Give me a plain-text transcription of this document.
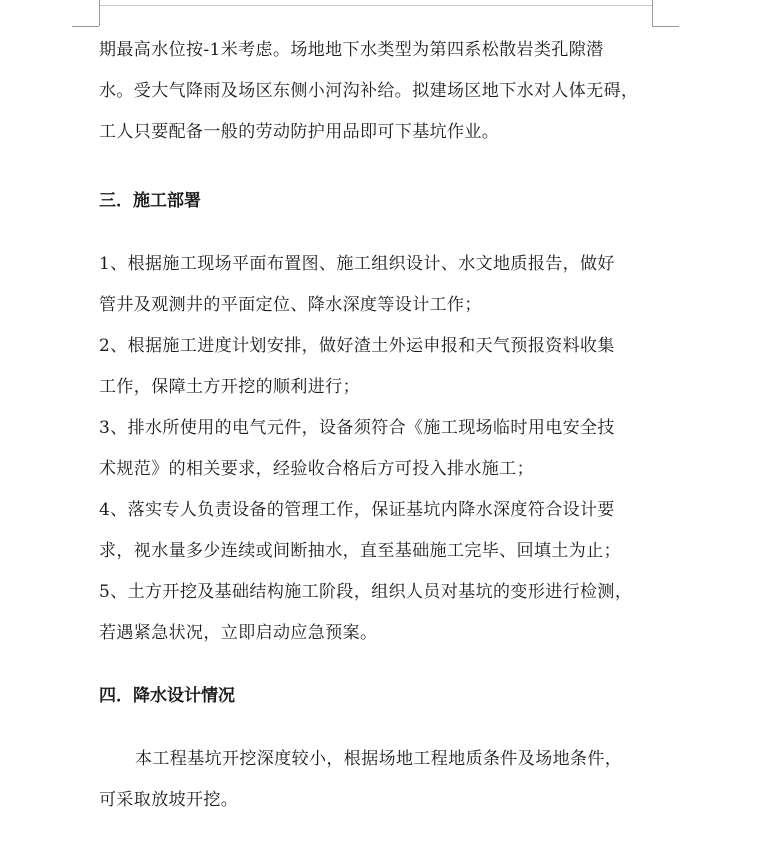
期最高水位按-1米考虑。场地地下水类型为第四系松散岩类孔隙潜
水。受大气降雨及场区东侧小河沟补给。拟建场区地下水对人体无碍，
工人只要配备一般的劳动防护用品即可下基坑作业。
三．施工部署
1、根据施工现场平面布置图、施工组织设计、水文地质报告，做好
管井及观测井的平面定位、降水深度等设计工作；
2、根据施工进度计划安排，做好渣土外运申报和天气预报资料收集
工作，保障土方开挖的顺利进行；
3、排水所使用的电气元件，设备须符合《施工现场临时用电安全技
术规范》的相关要求，经验收合格后方可投入排水施工；
4、落实专人负责设备的管理工作，保证基坑内降水深度符合设计要
求，视水量多少连续或间断抽水，直至基础施工完毕、回填土为止；
5、土方开挖及基础结构施工阶段，组织人员对基坑的变形进行检测，
若遇紧急状况，立即启动应急预案。
四．降水设计情况
本工程基坑开挖深度较小，根据场地工程地质条件及场地条件，
可采取放坡开挖。
